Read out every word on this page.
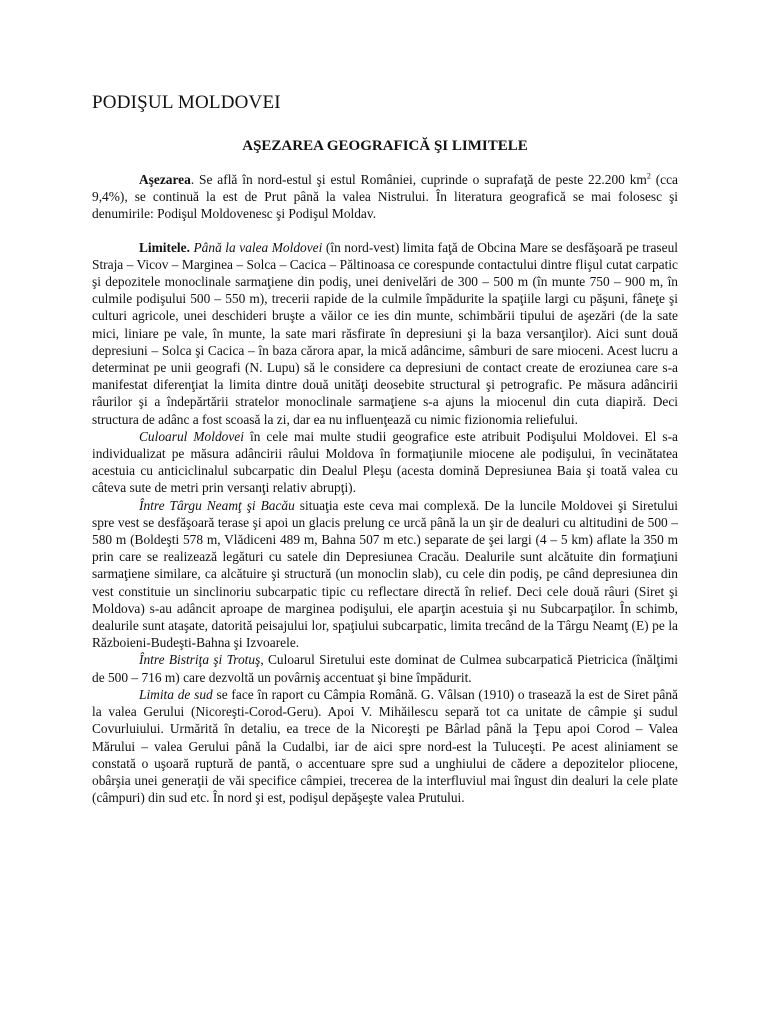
PODIŞUL MOLDOVEI
AŞEZAREA GEOGRAFICĂ ŞI LIMITELE

Aşezarea. Se află în nord-estul şi estul României, cuprinde o suprafaţă de peste 22.200 $km^2$ (cca 9,4%), se continuă la est de Prut până la valea Nistrului. În literatura geografică se mai folosesc şi denumirile: Podişul Moldovenesc şi Podişul Moldav.

Limitele. Până la valea Moldovei (în nord-vest) limita faţă de Obcina Mare se desfăşoară pe traseul Straja – Vicov – Marginea – Solca – Cacica – Păltinoasa ce corespunde contactului dintre flişul cutat carpatic şi depozitele monoclinale sarmaţiene din podiş, unei denivelări de 300 – 500 m (în munte 750 – 900 m, în culmile podişului 500 – 550 m), trecerii rapide de la culmile împădurite la spaţiile largi cu păşuni, fâneţe şi culturi agricole, unei deschideri bruşte a văilor ce ies din munte, schimbării tipului de aşezări (de la sate mici, liniare pe vale, în munte, la sate mari răsfirate în depresiuni şi la baza versanţilor). Aici sunt două depresiuni – Solca şi Cacica – în baza cărora apar, la mică adâncime, sâmburi de sare mioceni. Acest lucru a determinat pe unii geografi (N. Lupu) să le considere ca depresiuni de contact create de eroziunea care s-a manifestat diferenţiat la limita dintre două unităţi deosebite structural şi petrografic. Pe măsura adâncirii râurilor şi a îndepărtării stratelor monoclinale sarmaţiene s-a ajuns la miocenul din cuta diapiră. Deci structura de adânc a fost scoasă la zi, dar ea nu influenţează cu nimic fizionomia reliefului.

Culoarul Moldovei în cele mai multe studii geografice este atribuit Podişului Moldovei. El s-a individualizat pe măsura adâncirii râului Moldova în formaţiunile miocene ale podişului, în vecinătatea acestuia cu anticiclinalul subcarpatic din Dealul Pleşu (acesta domină Depresiunea Baia şi toată valea cu câteva sute de metri prin versanţi relativ abrupţi).

Între Târgu Neamţ şi Bacău situaţia este ceva mai complexă. De la luncile Moldovei şi Siretului spre vest se desfăşoară terase şi apoi un glacis prelung ce urcă până la un şir de dealuri cu altitudini de 500 – 580 m (Boldeşti 578 m, Vlădiceni 489 m, Bahna 507 m etc.) separate de şei largi (4 – 5 km) aflate la 350 m prin care se realizează legături cu satele din Depresiunea Cracău. Dealurile sunt alcătuite din formaţiuni sarmaţiene similare, ca alcătuire şi structură (un monoclin slab), cu cele din podiş, pe când depresiunea din vest constituie un sinclinoriu subcarpatic tipic cu reflectare directă în relief. Deci cele două râuri (Siret şi Moldova) s-au adâncit aproape de marginea podişului, ele aparţin acestuia şi nu Subcarpaţilor. În schimb, dealurile sunt ataşate, datorită peisajului lor, spaţiului subcarpatic, limita trecând de la Târgu Neamţ (E) pe la Războieni-Budeşti-Bahna şi Izvoarele.

Între Bistriţa şi Trotuş, Culoarul Siretului este dominat de Culmea subcarpatică Pietricica (înălţimi de 500 – 716 m) care dezvoltă un povârniş accentuat şi bine împădurit.

Limita de sud se face în raport cu Câmpia Română. G. Vâlsan (1910) o trasează la est de Siret până la valea Gerului (Nicoreşti-Corod-Geru). Apoi V. Mihăilescu separă tot ca unitate de câmpie şi sudul Covurluiului. Urmărită în detaliu, ea trece de la Nicoreşti pe Bârlad până la Ţepu apoi Corod – Valea Mărului – valea Gerului până la Cudalbi, iar de aici spre nord-est la Tuluceşti. Pe acest aliniament se constată o uşoară ruptură de pantă, o accentuare spre sud a unghiului de cădere a depozitelor pliocene, obârşia unei generaţii de văi specifice câmpiei, trecerea de la interfluviul mai îngust din dealuri la cele plate (câmpuri) din sud etc. În nord şi est, podişul depăşeşte valea Prutului.
